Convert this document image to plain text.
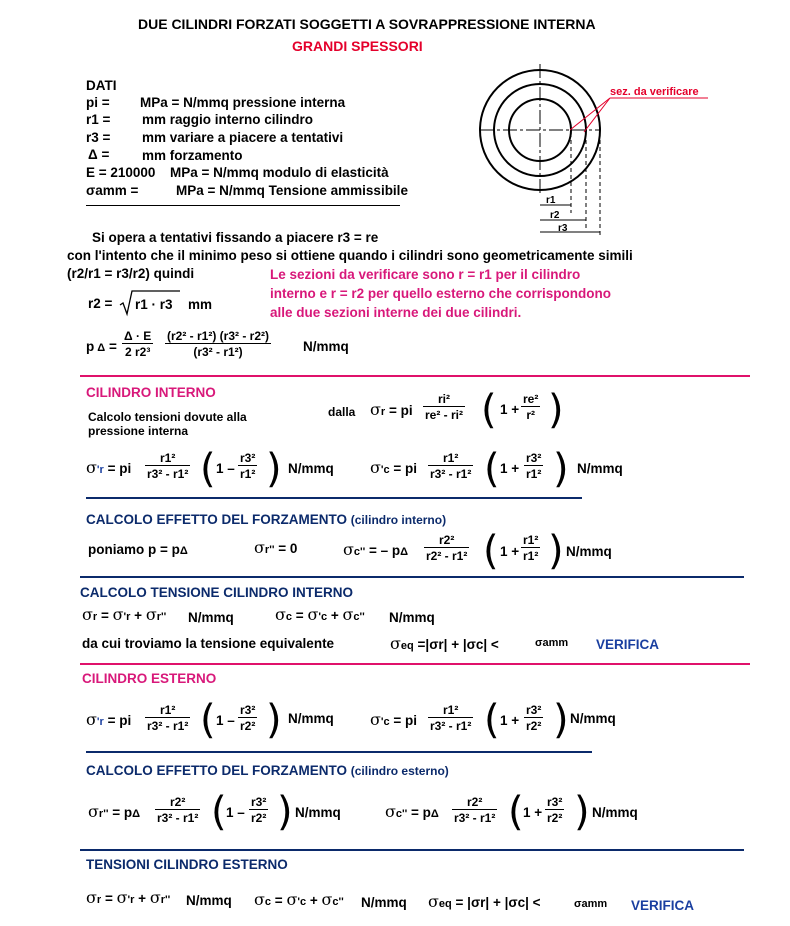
DUE CILINDRI FORZATI SOGGETTI A SOVRAPPRESSIONE INTERNA
GRANDI SPESSORI
DATI
pi = MPa = N/mmq pressione interna
r1 = mm raggio interno cilindro
r3 = mm variare a piacere a tentativi
Δ = mm forzamento
E = 210000 MPa = N/mmq modulo di elasticità
σamm =	MPa = N/mmq Tensione ammissibile
sez. da verificare
r1
r2
r3
Si opera a tentativi fissando a piacere r3 = re
con l'intento che il minimo peso si ottiene quando i cilindri sono geometricamente simili
(r2/r1 = r3/r2) quindi	Le sezioni da verificare sono r = r1 per il cilindro
interno e r = r2 per quello esterno che corrispondono
alle due sezioni interne dei due cilindri.
r2 = r1 · r3 mm
p $\Delta = \frac{\Delta \cdot E}{\text{2 r2³}} \frac{\text{(r2² - r1²) (r3² - r2²)}}{\text{(r3² - r1²)}} N/mmq$
CILINDRO INTERNO
Calcolo tensioni dovute alla
pressione interna
dalla σr = pi $\frac{\text{ri²}}{\text{re² - ri²}}$ ( $1 + \frac{\text{re²}}{\text{r²}}$ )
σ'r = pi $\frac{\text{r1²}}{\text{r3² - r1²}}$ ( $1 - \frac{\text{r3²}}{\text{r1²}}$ ) N/mmq σ'c = pi $\frac{\text{r1²}}{\text{r3² - r1²}}$ ( $1 + \frac{\text{r3²}}{\text{r1²}}$ ) N/mmq
CALCOLO EFFETTO DEL FORZAMENTO (cilindro interno)
poniamo p = pΔ	σr'' = 0	σc'' = – pΔ $\frac{\text{r2²}}{\text{r2² - r1²}}$ ( $1 + \frac{\text{r1²}}{\text{r1²}}$ ) N/mmq
CALCOLO TENSIONE CILINDRO INTERNO
σr = σ'r + σr'' N/mmq	σc = σ'c + σc'' N/mmq
da cui troviamo la tensione equivalente	σeq =|σr| + |σc| <	σamm VERIFICA
CILINDRO ESTERNO
σ'r = pi $\frac{\text{r1²}}{\text{r3² - r1²}}$ ( $1 - \frac{\text{r3²}}{\text{r2²}}$ ) N/mmq σ'c = pi $\frac{\text{r1²}}{\text{r3² - r1²}}$ ( $1 + \frac{\text{r3²}}{\text{r2²}}$ ) N/mmq
CALCOLO EFFETTO DEL FORZAMENTO (cilindro esterno)
σr'' = pΔ $\frac{\text{r2²}}{\text{r3² - r1²}}$ ( $1 - \frac{\text{r3²}}{\text{r2²}}$ ) N/mmq	σc'' = pΔ $\frac{\text{r2²}}{\text{r3² - r1²}}$ ( $1 + \frac{\text{r3²}}{\text{r2²}}$ ) N/mmq
TENSIONI CILINDRO ESTERNO
σr = σ'r + σr'' N/mmq σc = σ'c + σc'' N/mmq σeq = |σr| + |σc| <	σamm VERIFICA
